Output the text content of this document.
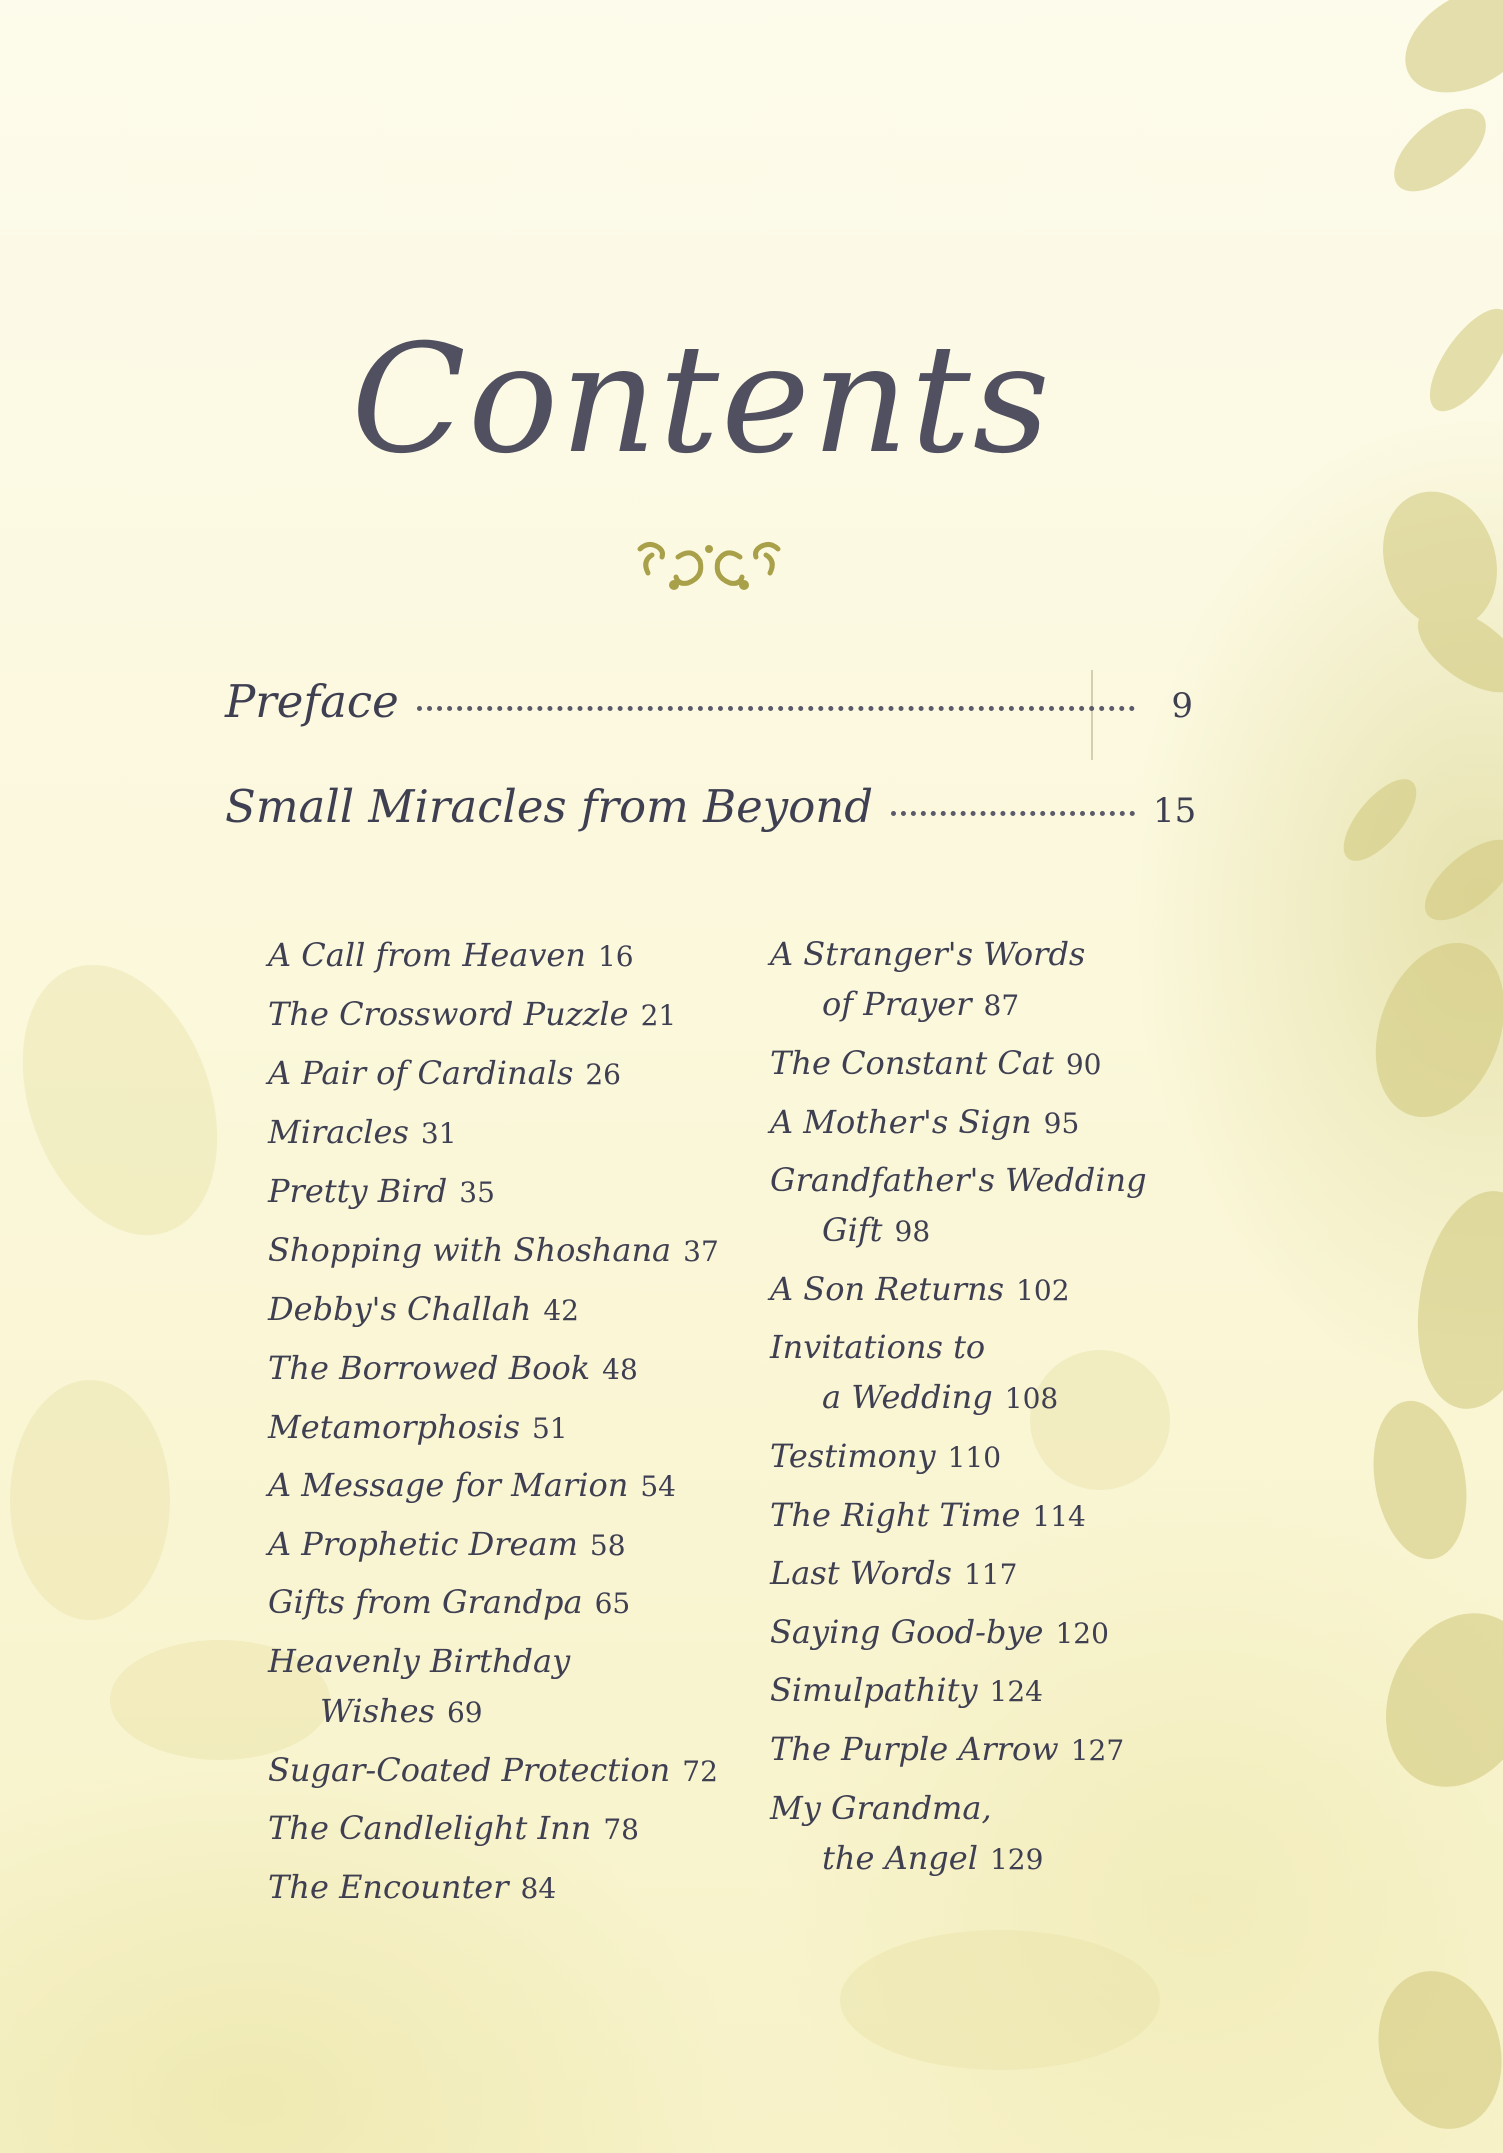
Contents
Preface	9
Small Miracles from Beyond	15
A Call from Heaven 16
The Crossword Puzzle 21
A Pair of Cardinals 26
Miracles 31
Pretty Bird 35
Shopping with Shoshana 37
Debby's Challah 42
The Borrowed Book 48
Metamorphosis 51
A Message for Marion 54
A Prophetic Dream 58
Gifts from Grandpa 65
Heavenly Birthday
Wishes 69
Sugar-Coated Protection 72
The Candlelight Inn 78
The Encounter 84
A Stranger's Words
of Prayer 87
The Constant Cat 90
A Mother's Sign 95
Grandfather's Wedding
Gift 98
A Son Returns 102
Invitations to
a Wedding 108
Testimony 110
The Right Time 114
Last Words 117
Saying Good-bye 120
Simulpathity 124
The Purple Arrow 127
My Grandma,
the Angel 129
